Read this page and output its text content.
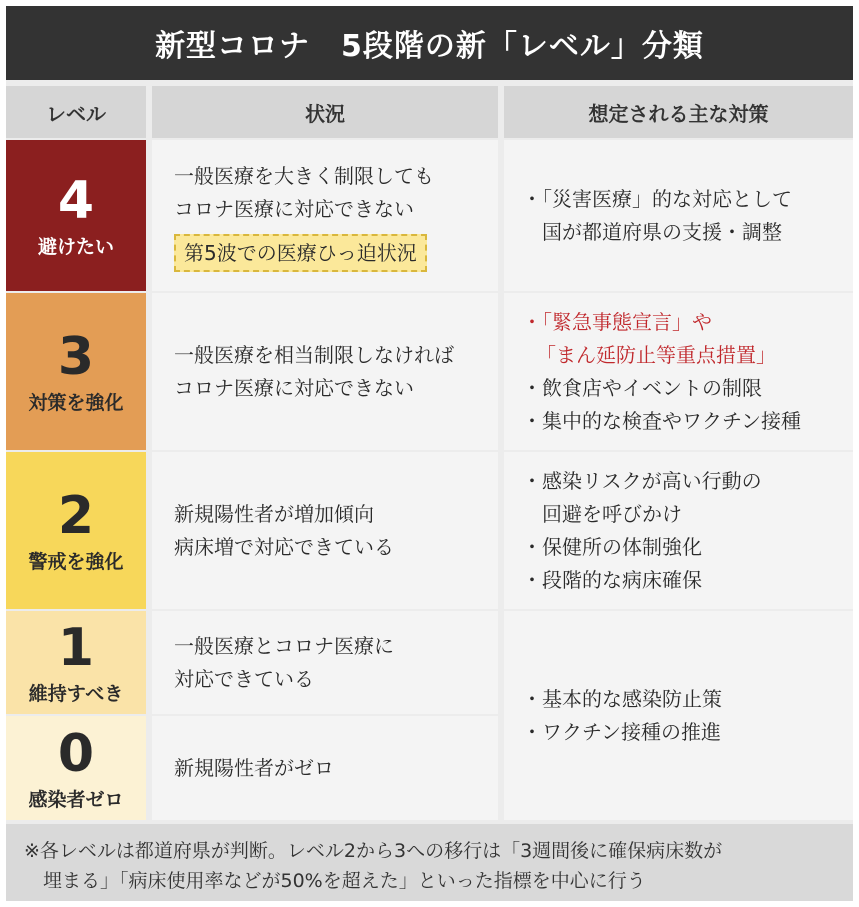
新型コロナ　5段階の新「レベル」分類
レベル	状況	想定される主な対策
4
避けたい
一般医療を大きく制限しても
コロナ医療に対応できない
第5波での医療ひっ迫状況
・「災害医療」的な対応として
国が都道府県の支援・調整
3
対策を強化
一般医療を相当制限しなければ
コロナ医療に対応できない
・「緊急事態宣言」や
「まん延防止等重点措置」
・飲食店やイベントの制限
・集中的な検査やワクチン接種
2
警戒を強化
新規陽性者が増加傾向
病床増で対応できている
・感染リスクが高い行動の
回避を呼びかけ
・保健所の体制強化
・段階的な病床確保
1
維持すべき
一般医療とコロナ医療に
対応できている
0
感染者ゼロ
新規陽性者がゼロ
・基本的な感染防止策
・ワクチン接種の推進
※各レベルは都道府県が判断。レベル2から3への移行は「3週間後に確保病床数が
　埋まる」「病床使用率などが50%を超えた」といった指標を中心に行う
